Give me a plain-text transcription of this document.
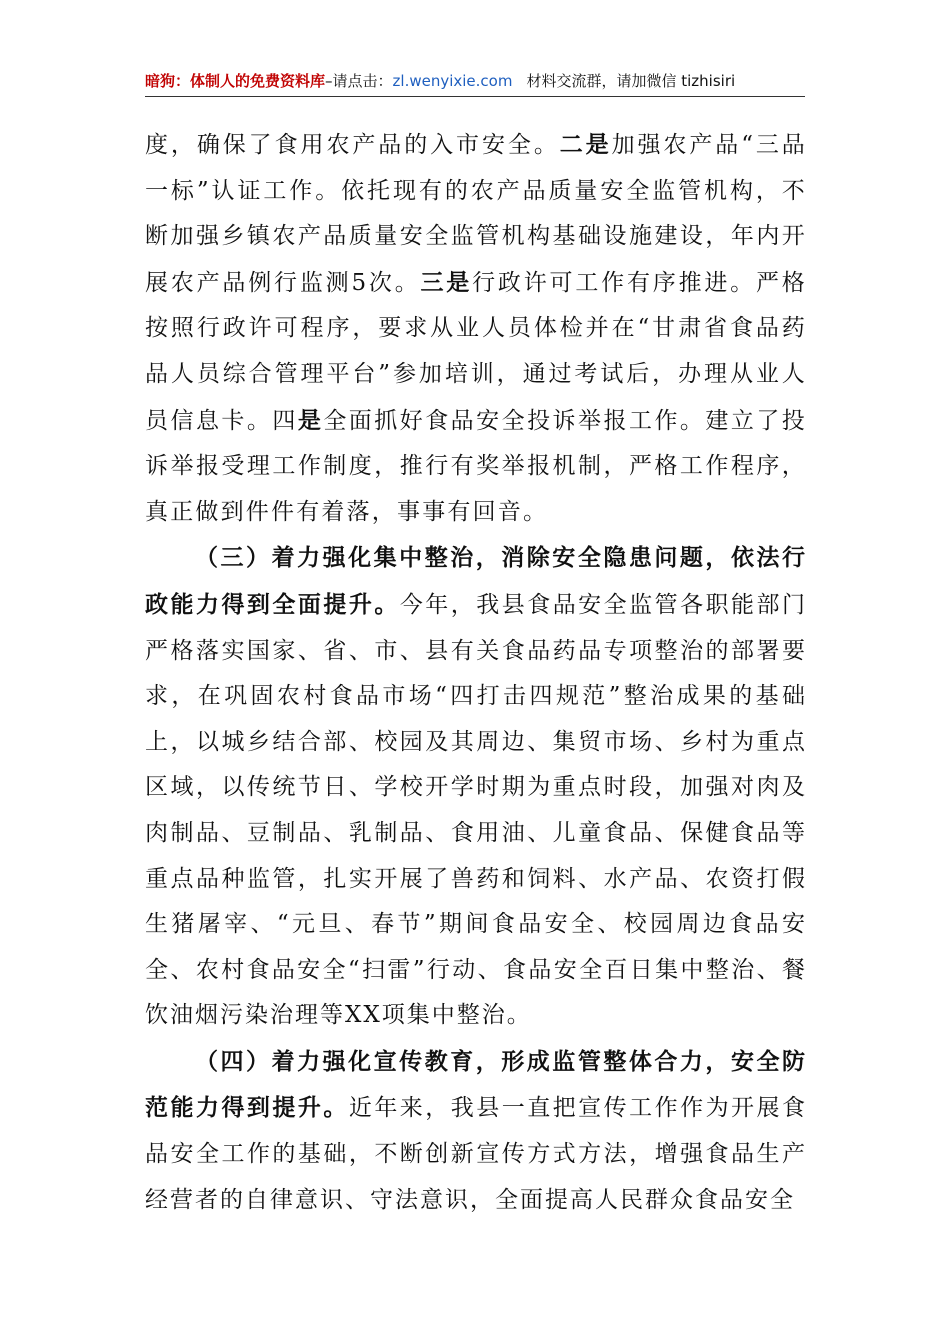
暗狗：体制人的免费资料库–请点击：zl.wenyixie.com 材料交流群，请加微信 tizhisiri

度，确保了食用农产品的入市安全。二是加强农产品“三品一标”认证工作。依托现有的农产品质量安全监管机构，不断加强乡镇农产品质量安全监管机构基础设施建设，年内开展农产品例行监测5次。三是行政许可工作有序推进。严格按照行政许可程序，要求从业人员体检并在“甘肃省食品药品人员综合管理平台”参加培训，通过考试后，办理从业人员信息卡。四是全面抓好食品安全投诉举报工作。建立了投诉举报受理工作制度，推行有奖举报机制，严格工作程序，真正做到件件有着落，事事有回音。

（三）着力强化集中整治，消除安全隐患问题，依法行政能力得到全面提升。今年，我县食品安全监管各职能部门严格落实国家、省、市、县有关食品药品专项整治的部署要求，在巩固农村食品市场“四打击四规范”整治成果的基础上，以城乡结合部、校园及其周边、集贸市场、乡村为重点区域，以传统节日、学校开学时期为重点时段，加强对肉及肉制品、豆制品、乳制品、食用油、儿童食品、保健食品等重点品种监管，扎实开展了兽药和饲料、水产品、农资打假生猪屠宰、“元旦、春节”期间食品安全、校园周边食品安全、农村食品安全“扫雷”行动、食品安全百日集中整治、餐饮油烟污染治理等XX项集中整治。

（四）着力强化宣传教育，形成监管整体合力，安全防范能力得到提升。近年来，我县一直把宣传工作作为开展食品安全工作的基础，不断创新宣传方式方法，增强食品生产经营者的自律意识、守法意识，全面提高人民群众食品安全
